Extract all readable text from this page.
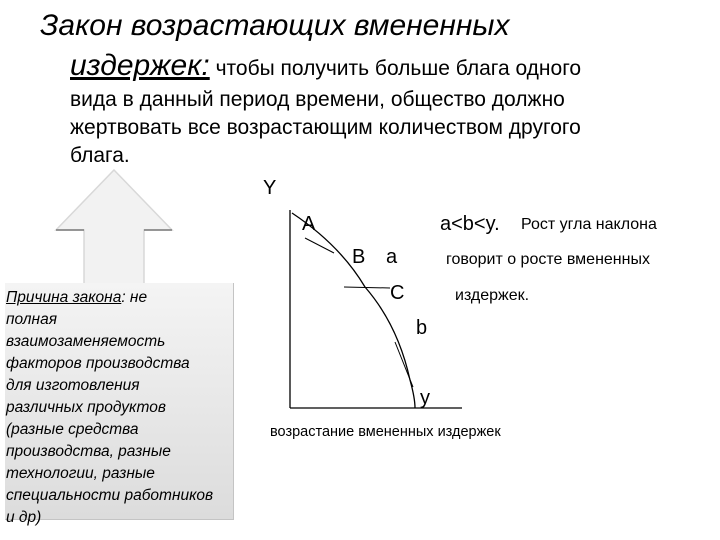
Закон возрастающих вмененных
издержек: чтобы получить больше блага одного
вида в данный период времени, общество должно
жертвовать все возрастающим количеством другого
блага.
Причина закона: не
полная
взаимозаменяемость
факторов производства
для изготовления
различных продуктов
(разные средства
производства, разные
технологии, разные
специальности работников
и др)
Y
A
B а
C
b
у
возрастание вмененных издержек
a<b<y. Рост угла наклона
говорит о росте вмененных
издержек.
